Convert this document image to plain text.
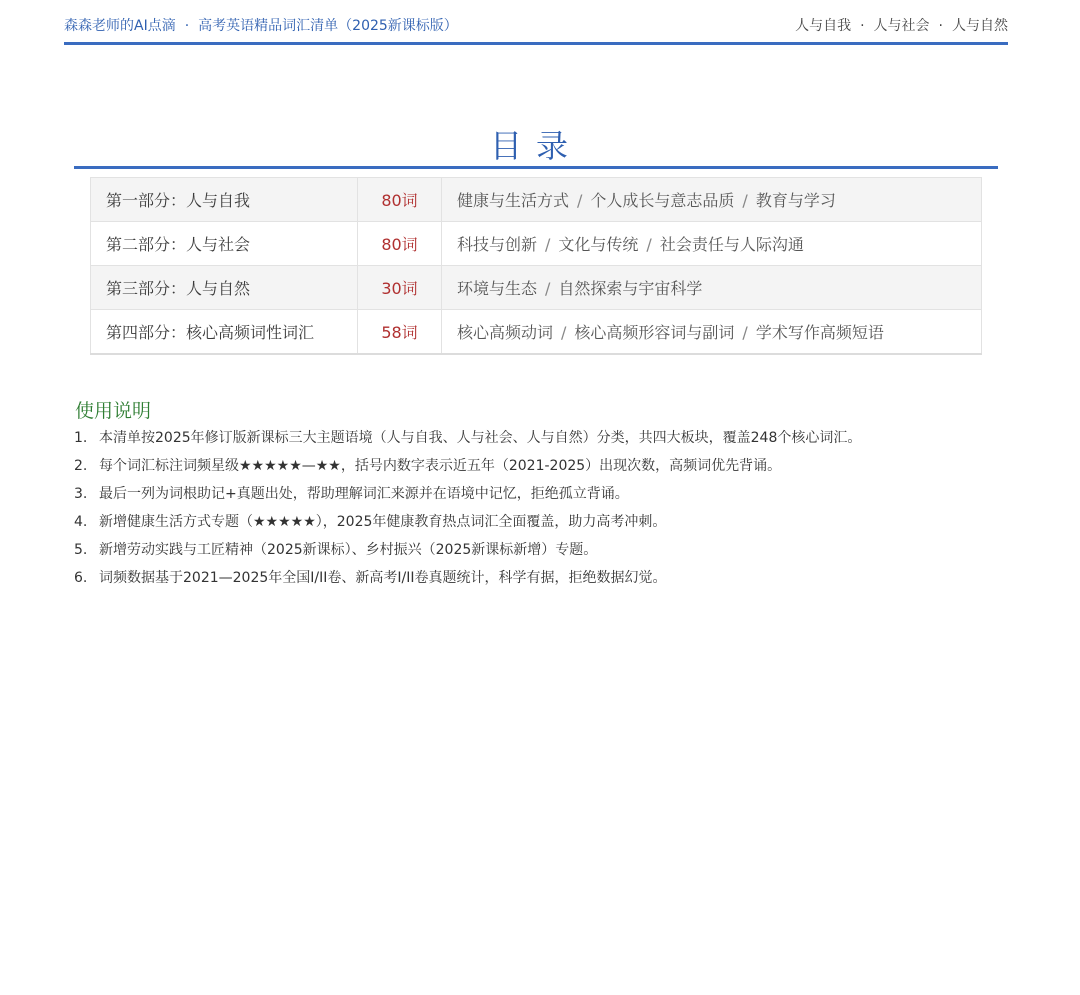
森森老师的AI点滴 · 高考英语精品词汇清单（2025新课标版）	人与自我 · 人与社会 · 人与自然
目录
第一部分：人与自我	80词	健康与生活方式 / 个人成长与意志品质 / 教育与学习
第二部分：人与社会	80词	科技与创新 / 文化与传统 / 社会责任与人际沟通
第三部分：人与自然	30词	环境与生态 / 自然探索与宇宙科学
第四部分：核心高频词性词汇	58词	核心高频动词 / 核心高频形容词与副词 / 学术写作高频短语
使用说明
1. 本清单按2025年修订版新课标三大主题语境（人与自我、人与社会、人与自然）分类，共四大板块，覆盖248个核心词汇。
2. 每个词汇标注词频星级★★★★★—★★，括号内数字表示近五年（2021-2025）出现次数，高频词优先背诵。
3. 最后一列为词根助记+真题出处，帮助理解词汇来源并在语境中记忆，拒绝孤立背诵。
4. 新增健康生活方式专题（★★★★★），2025年健康教育热点词汇全面覆盖，助力高考冲刺。
5. 新增劳动实践与工匠精神（2025新课标）、乡村振兴（2025新课标新增）专题。
6. 词频数据基于2021—2025年全国I/II卷、新高考I/II卷真题统计，科学有据，拒绝数据幻觉。
